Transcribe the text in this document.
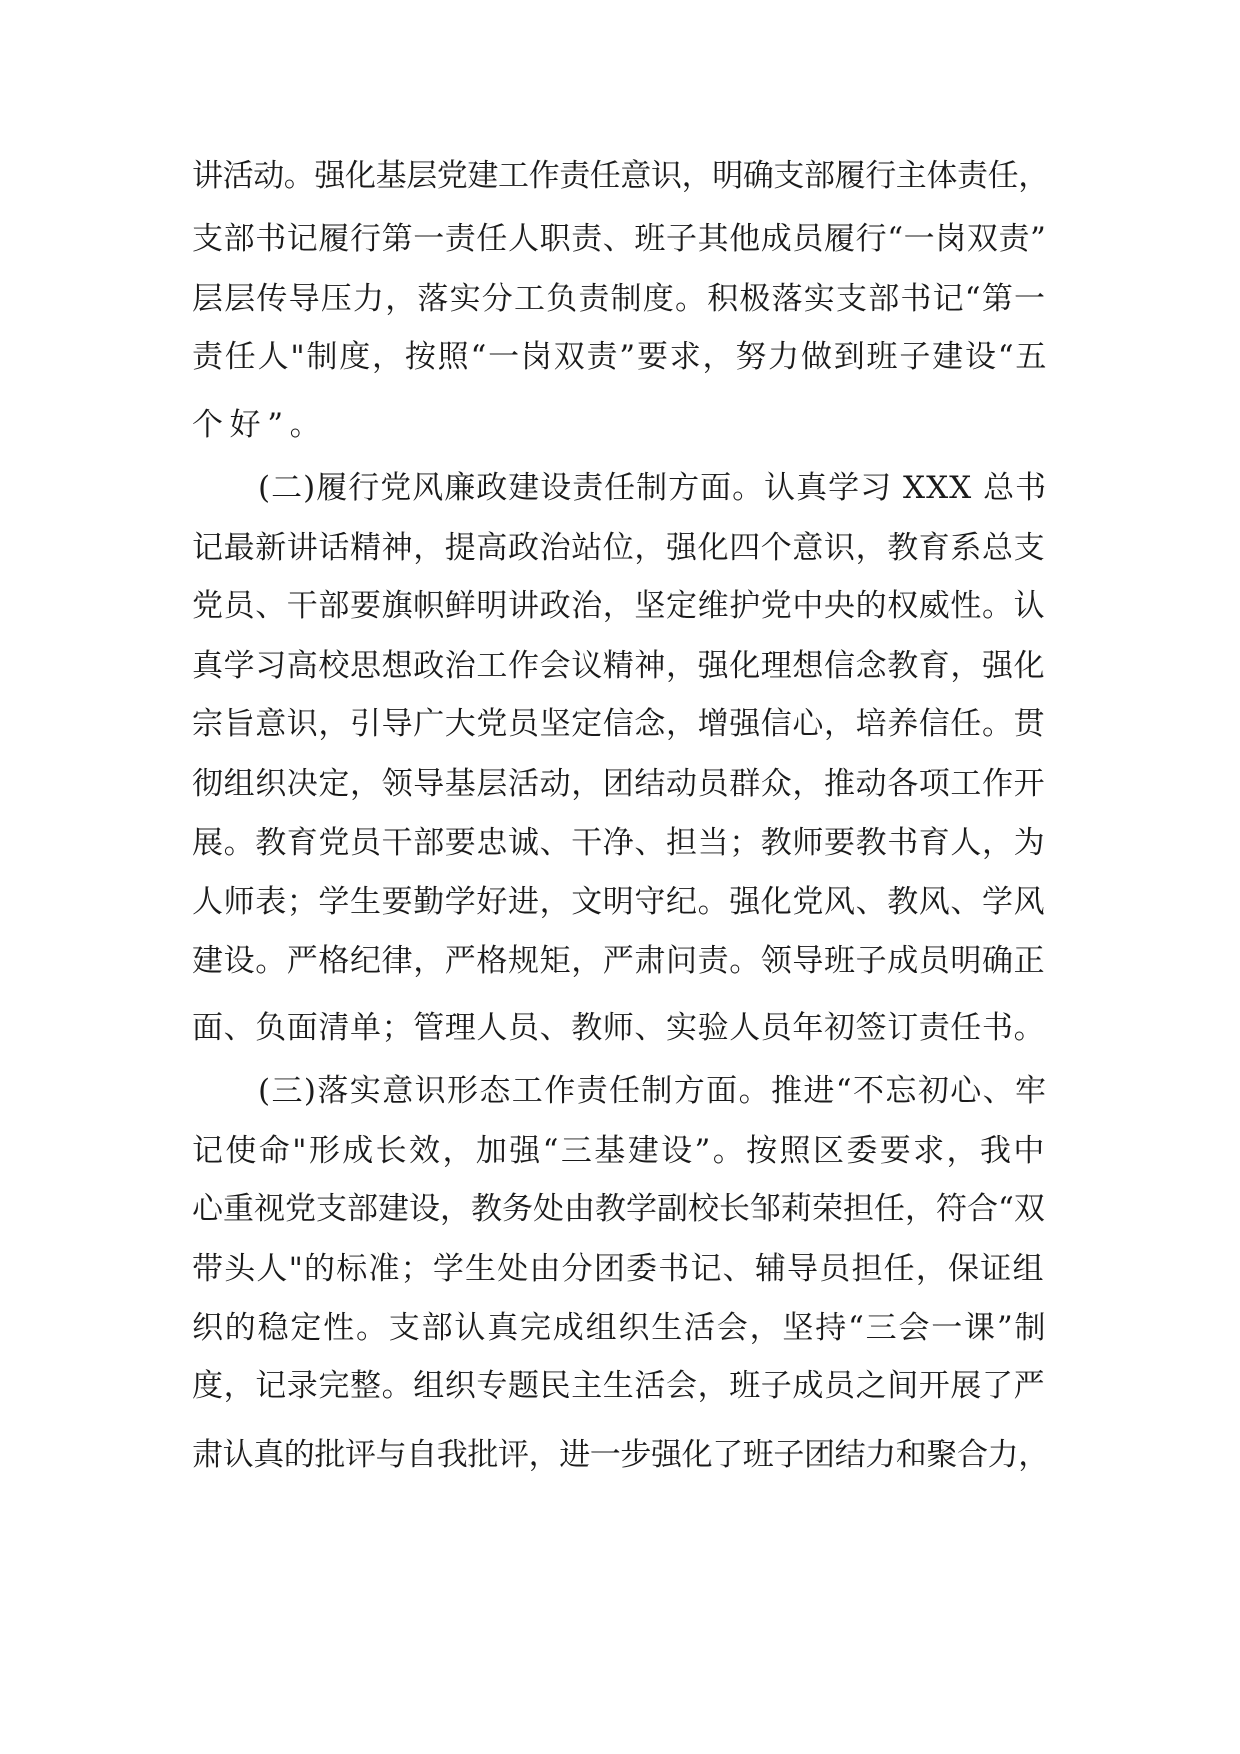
讲活动。强化基层党建工作责任意识，明确支部履行主体责任，

支部书记履行第一责任人职责、班子其他成员履行“一岗双责”

层层传导压力，落实分工负责制度。积极落实支部书记“第一

责任人"制度，按照“一岗双责”要求，努力做到班子建设“五

个好”。

(二)履行党风廉政建设责任制方面。认真学习 XXX 总书

记最新讲话精神，提高政治站位，强化四个意识，教育系总支

党员、干部要旗帜鲜明讲政治，坚定维护党中央的权威性。认

真学习高校思想政治工作会议精神，强化理想信念教育，强化

宗旨意识，引导广大党员坚定信念，增强信心，培养信任。贯

彻组织决定，领导基层活动，团结动员群众，推动各项工作开

展。教育党员干部要忠诚、干净、担当；教师要教书育人，为

人师表；学生要勤学好进，文明守纪。强化党风、教风、学风

建设。严格纪律，严格规矩，严肃问责。领导班子成员明确正

面、负面清单；管理人员、教师、实验人员年初签订责任书。

(三)落实意识形态工作责任制方面。推进“不忘初心、牢

记使命"形成长效，加强“三基建设”。按照区委要求，我中

心重视党支部建设，教务处由教学副校长邹莉荣担任，符合“双

带头人"的标准；学生处由分团委书记、辅导员担任，保证组

织的稳定性。支部认真完成组织生活会，坚持“三会一课”制

度，记录完整。组织专题民主生活会，班子成员之间开展了严

肃认真的批评与自我批评，进一步强化了班子团结力和聚合力，
